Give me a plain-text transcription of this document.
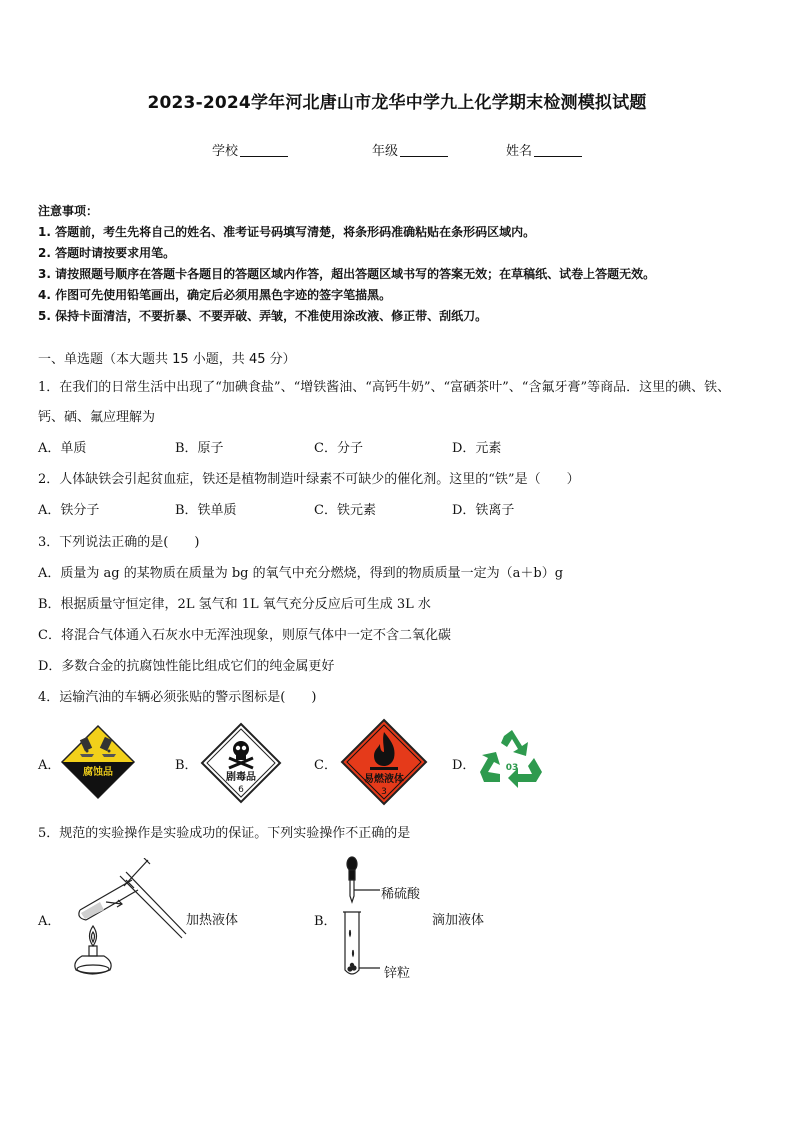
2023-2024学年河北唐山市龙华中学九上化学期末检测模拟试题
学校	年级	姓名
注意事项：
1. 答题前，考生先将自己的姓名、准考证号码填写清楚，将条形码准确粘贴在条形码区域内。
2. 答题时请按要求用笔。
3. 请按照题号顺序在答题卡各题目的答题区域内作答，超出答题区域书写的答案无效；在草稿纸、试卷上答题无效。
4. 作图可先使用铅笔画出，确定后必须用黑色字迹的签字笔描黑。
5. 保持卡面清洁，不要折暴、不要弄破、弄皱，不准使用涂改液、修正带、刮纸刀。
一、单选题（本大题共 15 小题，共 45 分）
1．在我们的日常生活中出现了“加碘食盐”、“增铁酱油、“高钙牛奶”、“富硒茶叶”、“含氟牙膏”等商品．这里的碘、铁、
钙、硒、氟应理解为
A．单质	B．原子	C．分子	D．元素
2．人体缺铁会引起贫血症，铁还是植物制造叶绿素不可缺少的催化剂。这里的“铁”是（　　）
A．铁分子	B．铁单质	C．铁元素	D．铁离子
3．下列说法正确的是(　　)
A．质量为 ag 的某物质在质量为 bg 的氧气中充分燃烧，得到的物质质量一定为（a＋b）g
B．根据质量守恒定律，2L 氢气和 1L 氧气充分反应后可生成 3L 水
C．将混合气体通入石灰水中无浑浊现象，则原气体中一定不含二氧化碳
D．多数合金的抗腐蚀性能比组成它们的纯金属更好
4．运输汽油的车辆必须张贴的警示图标是(　　)
A．	B．	C．	D．
腐蚀品	剧毒品
6
易燃液体
3
03
5．规范的实验操作是实验成功的保证。下列实验操作不正确的是
A．	加热液体	B．	滴加液体
稀硫酸
锌粒
